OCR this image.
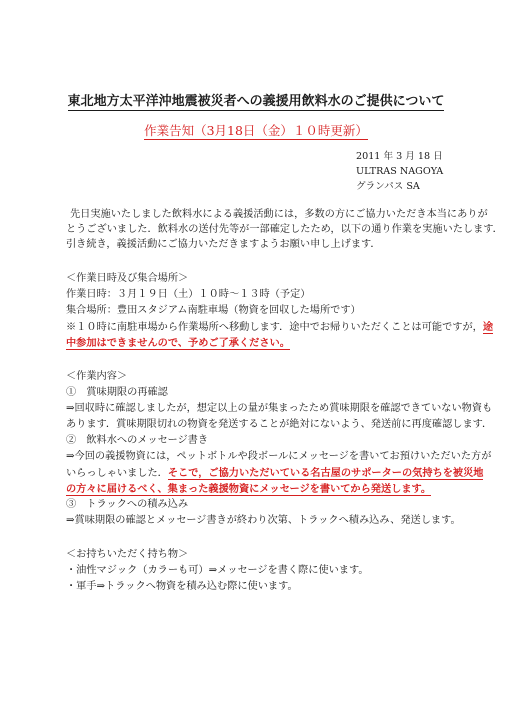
東北地方太平洋沖地震被災者への義援用飲料水のご提供について
作業告知（3月18日（金）１０時更新）
2011 年 3 月 18 日
ULTRAS NAGOYA
グランパス SA
先日実施いたしました飲料水による義援活動には，多数の方にご協力いただき本当にありが
とうございました．飲料水の送付先等が一部確定したため，以下の通り作業を実施いたします．
引き続き，義援活動にご協力いただきますようお願い申し上げます．
＜作業日時及び集合場所＞
作業日時：３月１９日（土）１０時〜１３時（予定）
集合場所：豊田スタジアム南駐車場（物資を回収した場所です）
※１０時に南駐車場から作業場所へ移動します．途中でお帰りいただくことは可能ですが，途
中参加はできませんので、予めご了承ください。
＜作業内容＞
①　賞味期限の再確認
⇒回収時に確認しましたが，想定以上の量が集まったため賞味期限を確認できていない物資も
あります．賞味期限切れの物資を発送することが絶対にないよう、発送前に再度確認します．
②　飲料水へのメッセージ書き
⇒今回の義援物資には，ペットボトルや段ボールにメッセージを書いてお預けいただいた方が
いらっしゃいました．そこで，ご協力いただいている名古屋のサポーターの気持ちを被災地
の方々に届けるべく、集まった義援物資にメッセージを書いてから発送します。
③　トラックへの積み込み
⇒賞味期限の確認とメッセージ書きが終わり次第、トラックへ積み込み、発送します。
＜お持ちいただく持ち物＞
・油性マジック（カラーも可）⇒メッセージを書く際に使います。
・軍手⇒トラックへ物資を積み込む際に使います。
